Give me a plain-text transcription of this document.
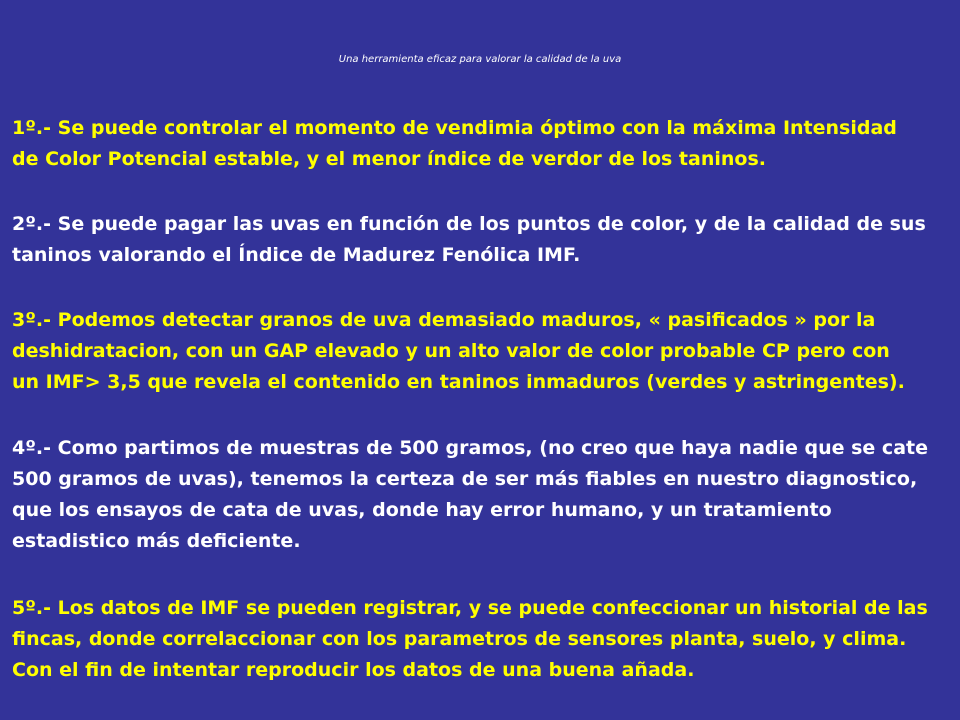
Una herramienta eficaz para valorar la calidad de la uva

1º.- Se puede controlar el momento de vendimia óptimo con la máxima Intensidad
de Color Potencial estable, y el menor índice de verdor de los taninos.

2º.- Se puede pagar las uvas en función de los puntos de color, y de la calidad de sus
taninos valorando el Índice de Madurez Fenólica IMF.

3º.- Podemos detectar granos de uva demasiado maduros, « pasificados » por la
deshidratacion, con un GAP elevado y un alto valor de color probable CP pero con
un IMF> 3,5 que revela el contenido en taninos inmaduros (verdes y astringentes).

4º.- Como partimos de muestras de 500 gramos, (no creo que haya nadie que se cate
500 gramos de uvas), tenemos la certeza de ser más fiables en nuestro diagnostico,
que los ensayos de cata de uvas, donde hay error humano, y un tratamiento
estadistico más deficiente.

5º.- Los datos de IMF se pueden registrar, y se puede confeccionar un historial de las
fincas, donde correlaccionar con los parametros de sensores planta, suelo, y clima.
Con el fin de intentar reproducir los datos de una buena añada.
